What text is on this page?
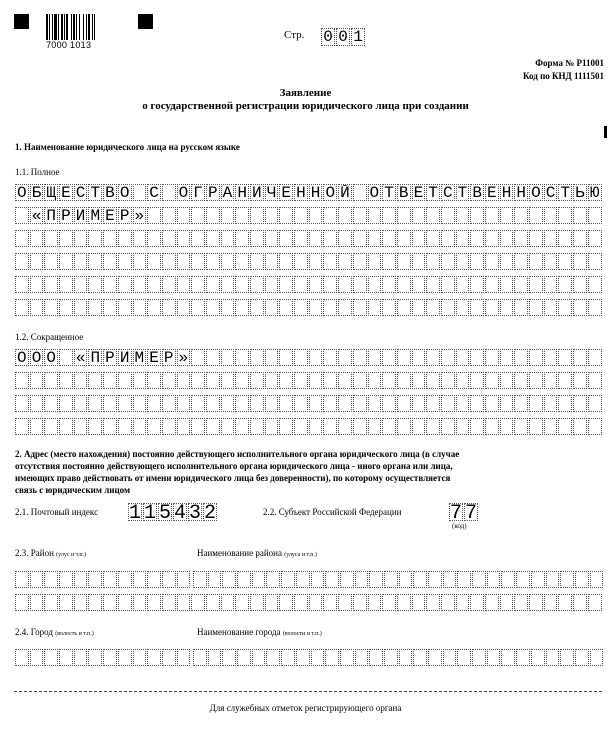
7000 1013
Стр. 0 0 1
Форма № Р11001
Код по КНД 1111501
Заявление
о государственной регистрации юридического лица при создании
1. Наименование юридического лица на русском языке
1.1. Полное
О Б Щ Е С Т В О С О Г Р А Н И Ч Е Н Н О Й О Т В Е Т С Т В Е Н Н О С Т Ь Ю
« П Р И М Е Р »
1.2. Сокращенное
О О О « П Р И М Е Р »
2. Адрес (место нахождения) постоянно действующего исполнительного органа юридического лица (в случае
отсутствия постоянно действующего исполнительного органа юридического лица - иного органа или лица,
имеющих право действовать от имени юридического лица без доверенности), по которому осуществляется
связь с юридическим лицом
2.1. Почтовый индекс 1 1 5 4 3 2	2.2. Субъект Российской Федерации 7 7
(код)
2.3. Район (улус и т.п.)	Наименование района (улуса и т.п.)
2.4. Город (волость и т.п.)	Наименование города (волости и т.п.)
Для служебных отметок регистрирующего органа
